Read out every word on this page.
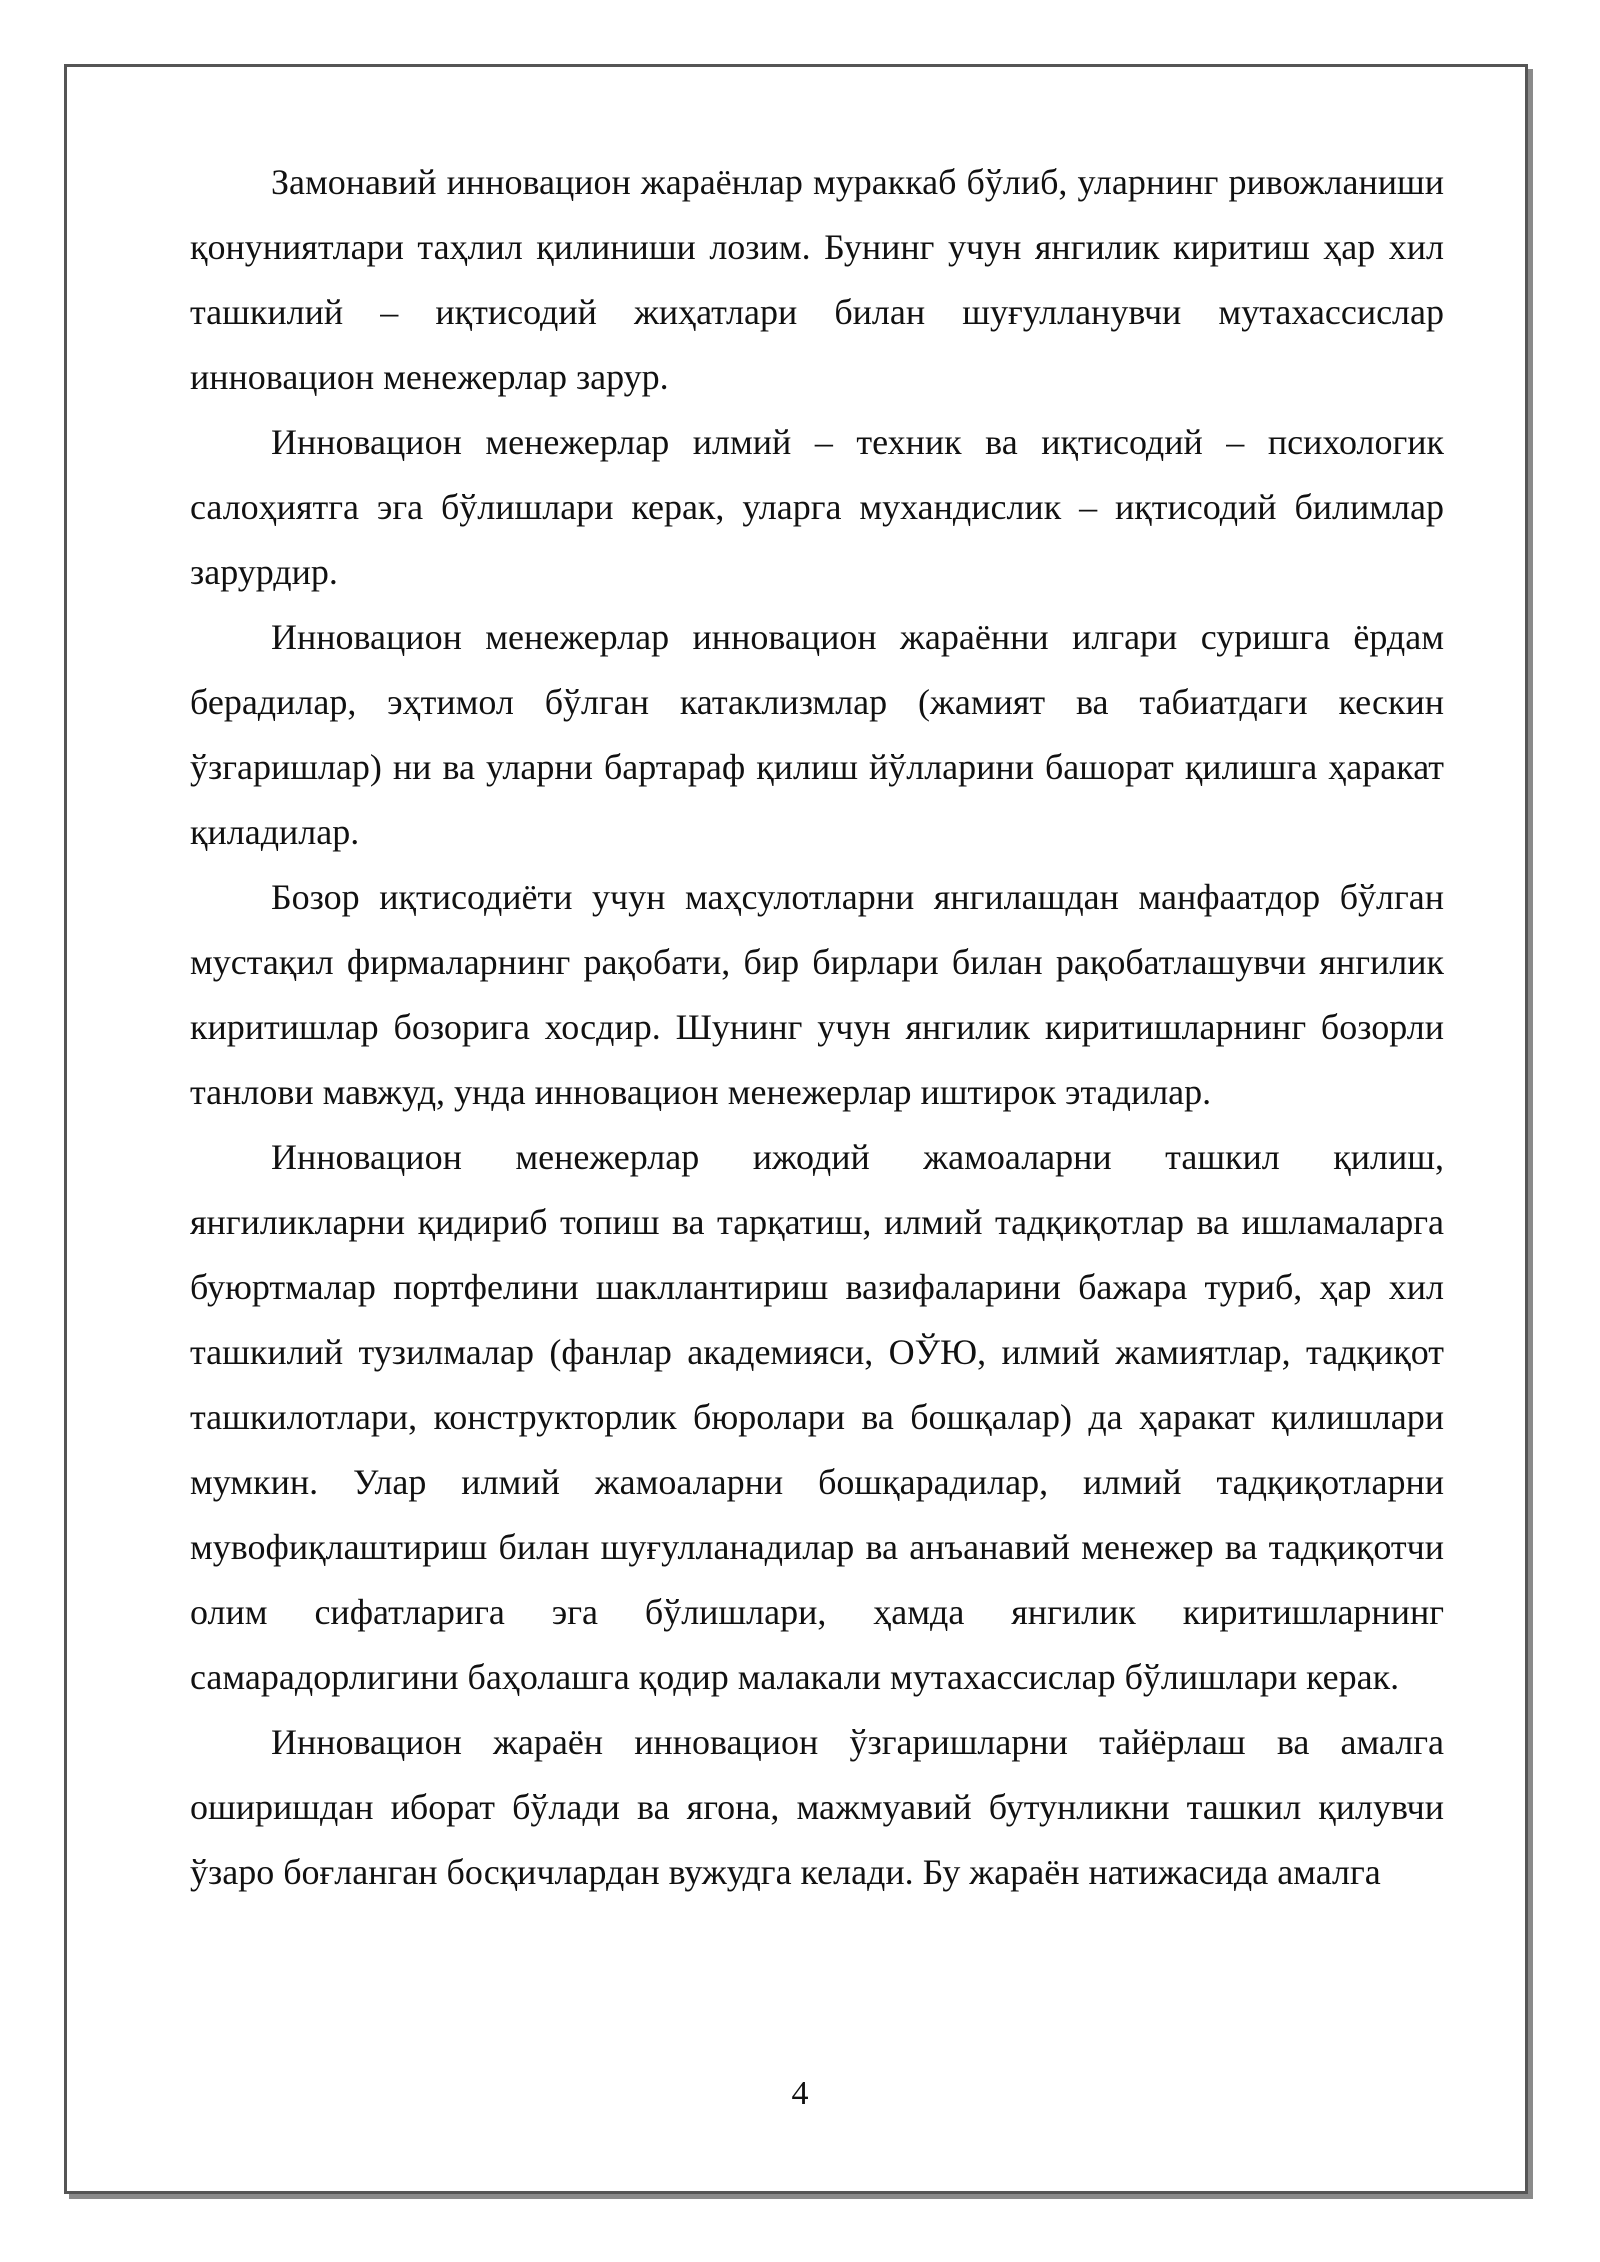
Замонавий инновацион жараёнлар мураккаб бўлиб, уларнинг ривожланиши қонуниятлари таҳлил қилиниши лозим. Бунинг учун янгилик киритиш ҳар хил ташкилий – иқтисодий жиҳатлари билан шуғулланувчи мутахассислар инновацион менежерлар зарур.

Инновацион менежерлар илмий – техник ва иқтисодий – психологик салоҳиятга эга бўлишлари керак, уларга мухандислик – иқтисодий билимлар зарурдир.

Инновацион менежерлар инновацион жараённи илгари суришга ёрдам берадилар, эҳтимол бўлган катаклизмлар (жамият ва табиатдаги кескин ўзгаришлар) ни ва уларни бартараф қилиш йўлларини башорат қилишга ҳаракат қиладилар.

Бозор иқтисодиёти учун маҳсулотларни янгилашдан манфаатдор бўлган мустақил фирмаларнинг рақобати, бир бирлари билан рақобатлашувчи янгилик киритишлар бозорига хосдир. Шунинг учун янгилик киритишларнинг бозорли танлови мавжуд, унда инновацион менежерлар иштирок этадилар.

Инновацион менежерлар ижодий жамоаларни ташкил қилиш, янгиликларни қидириб топиш ва тарқатиш, илмий тадқиқотлар ва ишламаларга буюртмалар портфелини шакллантириш вазифаларини бажара туриб, ҳар хил ташкилий тузилмалар (фанлар академияси, ОЎЮ, илмий жамиятлар, тадқиқот ташкилотлари, конструкторлик бюролари ва бошқалар) да ҳаракат қилишлари мумкин. Улар илмий жамоаларни бошқарадилар, илмий тадқиқотларни мувофиқлаштириш билан шуғулланадилар ва анъанавий менежер ва тадқиқотчи олим сифатларига эга бўлишлари, ҳамда янгилик киритишларнинг самарадорлигини баҳолашга қодир малакали мутахассислар бўлишлари керак.

Инновацион жараён инновацион ўзгаришларни тайёрлаш ва амалга оширишдан иборат бўлади ва ягона, мажмуавий бутунликни ташкил қилувчи ўзаро боғланган босқичлардан вужудга келади. Бу жараён натижасида амалга

4
